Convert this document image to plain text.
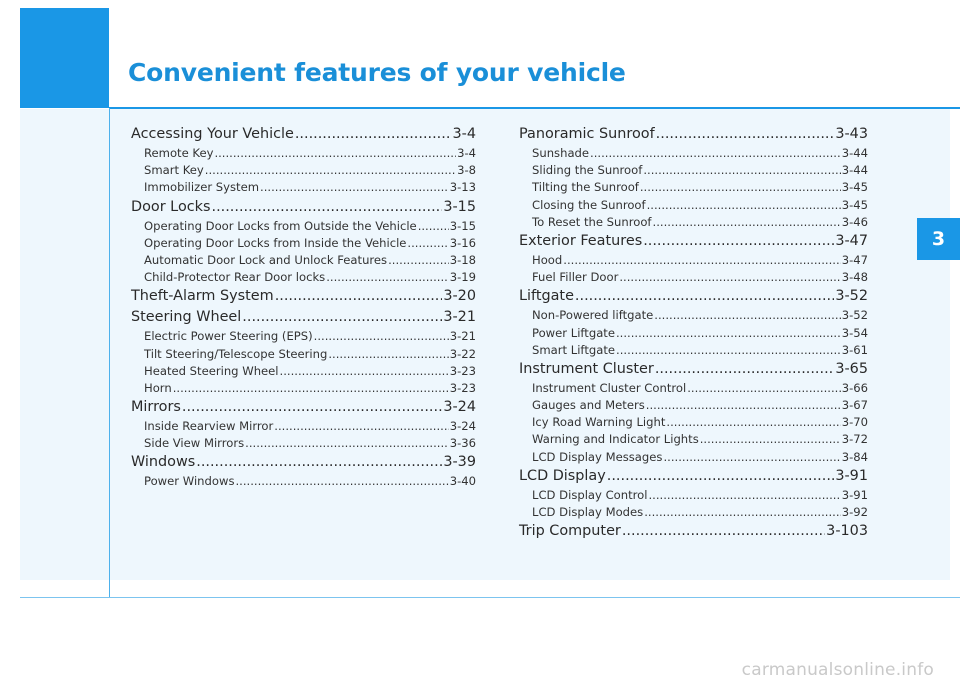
Convenient features of your vehicle
3
Accessing Your Vehicle .....	3-4
Remote Key .....	3-4
Smart Key .....	3-8
Immobilizer System .....	3-13
Door Locks .....	3-15
Operating Door Locks from Outside the Vehicle .....	3-15
Operating Door Locks from Inside the Vehicle .....	3-16
Automatic Door Lock and Unlock Features .....	3-18
Child-Protector Rear Door locks .....	3-19
Theft-Alarm System .....	3-20
Steering Wheel .....	3-21
Electric Power Steering (EPS) .....	3-21
Tilt Steering/Telescope Steering .....	3-22
Heated Steering Wheel .....	3-23
Horn .....	3-23
Mirrors .....	3-24
Inside Rearview Mirror .....	3-24
Side View Mirrors .....	3-36
Windows .....	3-39
Power Windows .....	3-40
Panoramic Sunroof .....	3-43
Sunshade .....	3-44
Sliding the Sunroof .....	3-44
Tilting the Sunroof .....	3-45
Closing the Sunroof .....	3-45
To Reset the Sunroof .....	3-46
Exterior Features .....	3-47
Hood .....	3-47
Fuel Filler Door .....	3-48
Liftgate .....	3-52
Non-Powered liftgate .....	3-52
Power Liftgate .....	3-54
Smart Liftgate .....	3-61
Instrument Cluster .....	3-65
Instrument Cluster Control .....	3-66
Gauges and Meters .....	3-67
Icy Road Warning Light .....	3-70
Warning and Indicator Lights .....	3-72
LCD Display Messages .....	3-84
LCD Display .....	3-91
LCD Display Control .....	3-91
LCD Display Modes .....	3-92
Trip Computer .....	3-103
carmanualsonline.info
